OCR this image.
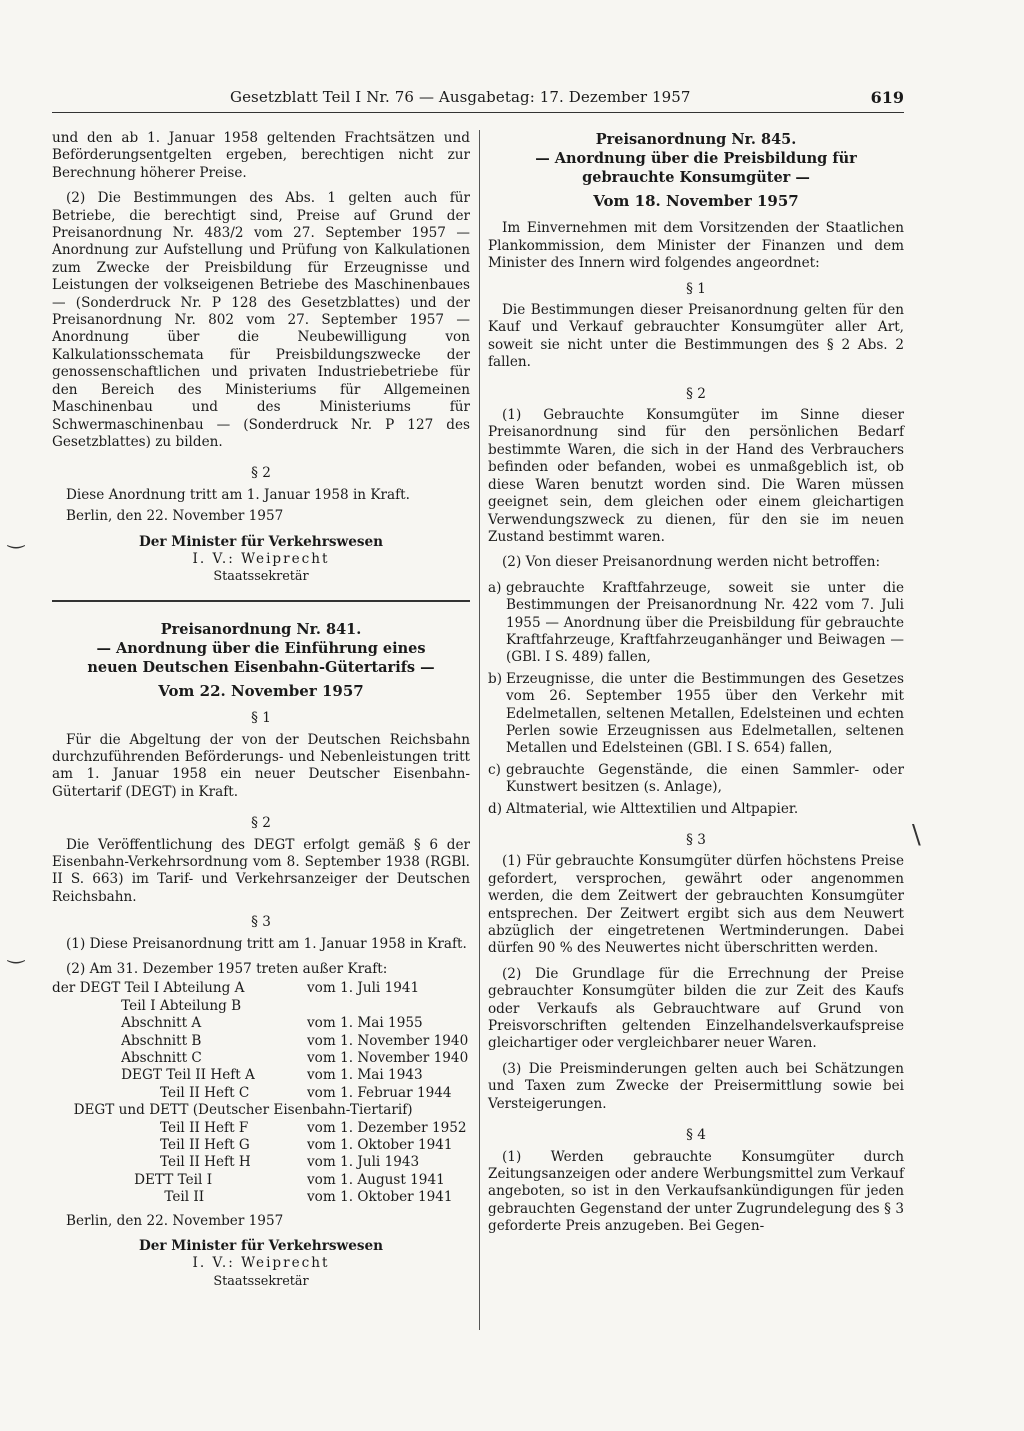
Gesetzblatt Teil I Nr. 76 — Ausgabetag: 17. Dezember 1957	619

und den ab 1. Januar 1958 geltenden Frachtsätzen und Beförderungsentgelten ergeben, berechtigen nicht zur Berechnung höherer Preise.

(2) Die Bestimmungen des Abs. 1 gelten auch für Betriebe, die berechtigt sind, Preise auf Grund der Preisanordnung Nr. 483/2 vom 27. September 1957 — Anordnung zur Aufstellung und Prüfung von Kalkulationen zum Zwecke der Preisbildung für Erzeugnisse und Leistungen der volkseigenen Betriebe des Maschinenbaues — (Sonderdruck Nr. P 128 des Gesetzblattes) und der Preisanordnung Nr. 802 vom 27. September 1957 — Anordnung über die Neubewilligung von Kalkulationsschemata für Preisbildungszwecke der genossenschaftlichen und privaten Industriebetriebe für den Bereich des Ministeriums für Allgemeinen Maschinenbau und des Ministeriums für Schwermaschinenbau — (Sonderdruck Nr. P 127 des Gesetzblattes) zu bilden.

§ 2

Diese Anordnung tritt am 1. Januar 1958 in Kraft.

Berlin, den 22. November 1957

Der Minister für Verkehrswesen

I. V.: Weiprecht

Staatssekretär

Preisanordnung Nr. 841.

— Anordnung über die Einführung eines neuen Deutschen Eisenbahn-Gütertarifs —

Vom 22. November 1957

§ 1

Für die Abgeltung der von der Deutschen Reichsbahn durchzuführenden Beförderungs- und Nebenleistungen tritt am 1. Januar 1958 ein neuer Deutscher Eisenbahn-Gütertarif (DEGT) in Kraft.

§ 2

Die Veröffentlichung des DEGT erfolgt gemäß § 6 der Eisenbahn-Verkehrsordnung vom 8. September 1938 (RGBl. II S. 663) im Tarif- und Verkehrsanzeiger der Deutschen Reichsbahn.

§ 3

(1) Diese Preisanordnung tritt am 1. Januar 1958 in Kraft.

(2) Am 31. Dezember 1957 treten außer Kraft:

der DEGT Teil I Abteilung A	vom 1. Juli 1941
Teil I Abteilung B
Abschnitt A	vom 1. Mai 1955
Abschnitt B	vom 1. November 1940
Abschnitt C	vom 1. November 1940
DEGT Teil II Heft A	vom 1. Mai 1943
Teil II Heft C	vom 1. Februar 1944
DEGT und DETT (Deutscher Eisenbahn-Tiertarif)
Teil II Heft F	vom 1. Dezember 1952
Teil II Heft G	vom 1. Oktober 1941
Teil II Heft H	vom 1. Juli 1943
DETT Teil I	vom 1. August 1941
Teil II	vom 1. Oktober 1941

Berlin, den 22. November 1957

Der Minister für Verkehrswesen

I. V.: Weiprecht

Staatssekretär

Preisanordnung Nr. 845.

— Anordnung über die Preisbildung für gebrauchte Konsumgüter —

Vom 18. November 1957

Im Einvernehmen mit dem Vorsitzenden der Staatlichen Plankommission, dem Minister der Finanzen und dem Minister des Innern wird folgendes angeordnet:

§ 1

Die Bestimmungen dieser Preisanordnung gelten für den Kauf und Verkauf gebrauchter Konsumgüter aller Art, soweit sie nicht unter die Bestimmungen des § 2 Abs. 2 fallen.

§ 2

(1) Gebrauchte Konsumgüter im Sinne dieser Preisanordnung sind für den persönlichen Bedarf bestimmte Waren, die sich in der Hand des Verbrauchers befinden oder befanden, wobei es unmaßgeblich ist, ob diese Waren benutzt worden sind. Die Waren müssen geeignet sein, dem gleichen oder einem gleichartigen Verwendungszweck zu dienen, für den sie im neuen Zustand bestimmt waren.

(2) Von dieser Preisanordnung werden nicht betroffen:

a) gebrauchte Kraftfahrzeuge, soweit sie unter die Bestimmungen der Preisanordnung Nr. 422 vom 7. Juli 1955 — Anordnung über die Preisbildung für gebrauchte Kraftfahrzeuge, Kraftfahrzeuganhänger und Beiwagen — (GBl. I S. 489) fallen,
b) Erzeugnisse, die unter die Bestimmungen des Gesetzes vom 26. September 1955 über den Verkehr mit Edelmetallen, seltenen Metallen, Edelsteinen und echten Perlen sowie Erzeugnissen aus Edelmetallen, seltenen Metallen und Edelsteinen (GBl. I S. 654) fallen,
c) gebrauchte Gegenstände, die einen Sammler- oder Kunstwert besitzen (s. Anlage),
d) Altmaterial, wie Alttextilien und Altpapier.

§ 3

(1) Für gebrauchte Konsumgüter dürfen höchstens Preise gefordert, versprochen, gewährt oder angenommen werden, die dem Zeitwert der gebrauchten Konsumgüter entsprechen. Der Zeitwert ergibt sich aus dem Neuwert abzüglich der eingetretenen Wertminderungen. Dabei dürfen 90 % des Neuwertes nicht überschritten werden.

(2) Die Grundlage für die Errechnung der Preise gebrauchter Konsumgüter bilden die zur Zeit des Kaufs oder Verkaufs als Gebrauchtware auf Grund von Preisvorschriften geltenden Einzelhandelsverkaufspreise gleichartiger oder vergleichbarer neuer Waren.

(3) Die Preisminderungen gelten auch bei Schätzungen und Taxen zum Zwecke der Preisermittlung sowie bei Versteigerungen.

§ 4

(1) Werden gebrauchte Konsumgüter durch Zeitungsanzeigen oder andere Werbungsmittel zum Verkauf angeboten, so ist in den Verkaufsankündigungen für jeden gebrauchten Gegenstand der unter Zugrundelegung des § 3 geforderte Preis anzugeben. Bei Gegen-

‿
‿
\
